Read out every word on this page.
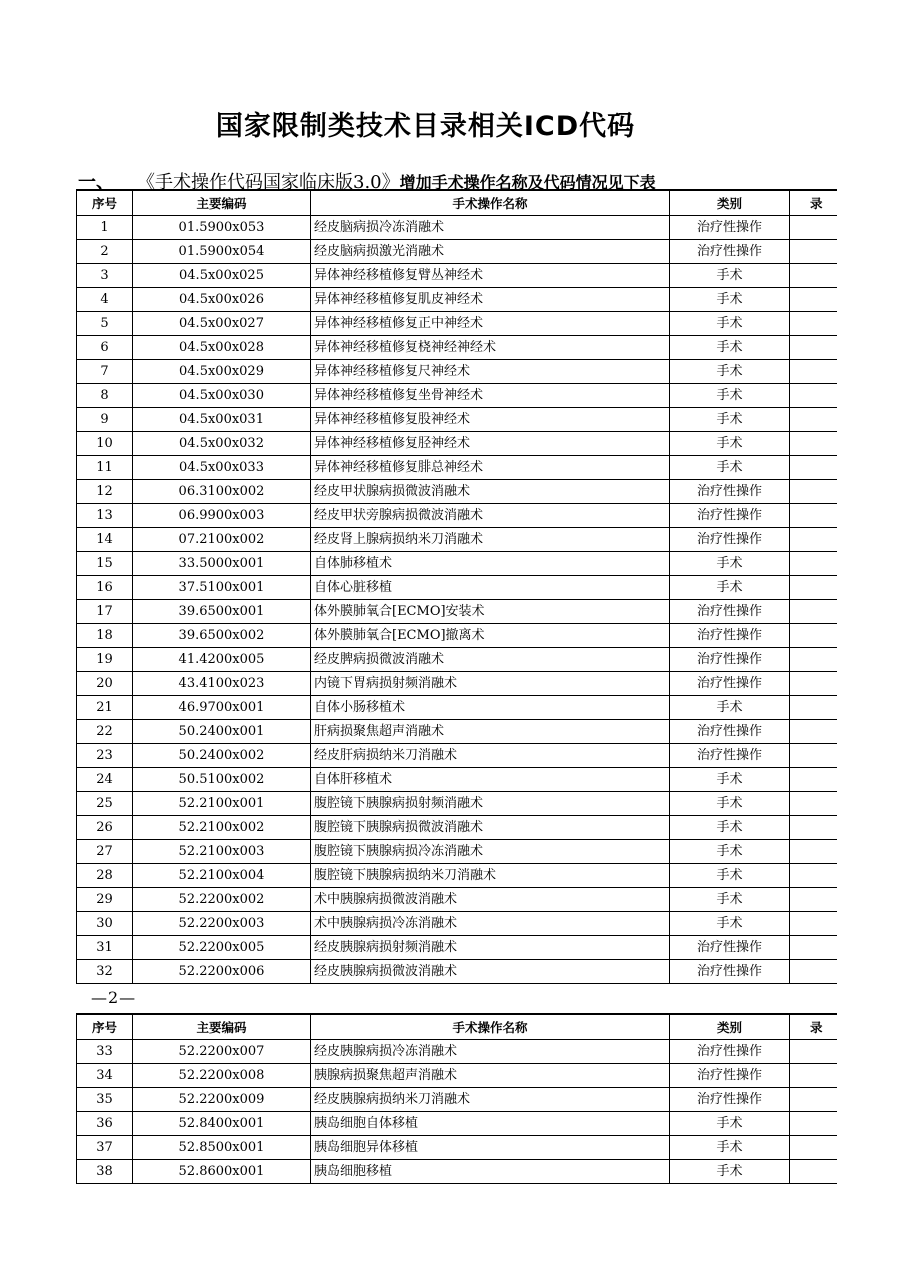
国家限制类技术目录相关ICD代码
一、 《手术操作代码国家临床版3.0》增加手术操作名称及代码情况见下表
序号	主要编码	手术操作名称	类别	录
1	01.5900x053	经皮脑病损冷冻消融术	治疗性操作	
2	01.5900x054	经皮脑病损激光消融术	治疗性操作	
3	04.5x00x025	异体神经移植修复臂丛神经术	手术	
4	04.5x00x026	异体神经移植修复肌皮神经术	手术	
5	04.5x00x027	异体神经移植修复正中神经术	手术	
6	04.5x00x028	异体神经移植修复桡神经神经术	手术	
7	04.5x00x029	异体神经移植修复尺神经术	手术	
8	04.5x00x030	异体神经移植修复坐骨神经术	手术	
9	04.5x00x031	异体神经移植修复股神经术	手术	
10	04.5x00x032	异体神经移植修复胫神经术	手术	
11	04.5x00x033	异体神经移植修复腓总神经术	手术	
12	06.3100x002	经皮甲状腺病损微波消融术	治疗性操作	
13	06.9900x003	经皮甲状旁腺病损微波消融术	治疗性操作	
14	07.2100x002	经皮肾上腺病损纳米刀消融术	治疗性操作	
15	33.5000x001	自体肺移植术	手术	
16	37.5100x001	自体心脏移植	手术	
17	39.6500x001	体外膜肺氧合[ECMO]安装术	治疗性操作	
18	39.6500x002	体外膜肺氧合[ECMO]撤离术	治疗性操作	
19	41.4200x005	经皮脾病损微波消融术	治疗性操作	
20	43.4100x023	内镜下胃病损射频消融术	治疗性操作	
21	46.9700x001	自体小肠移植术	手术	
22	50.2400x001	肝病损聚焦超声消融术	治疗性操作	
23	50.2400x002	经皮肝病损纳米刀消融术	治疗性操作	
24	50.5100x002	自体肝移植术	手术	
25	52.2100x001	腹腔镜下胰腺病损射频消融术	手术	
26	52.2100x002	腹腔镜下胰腺病损微波消融术	手术	
27	52.2100x003	腹腔镜下胰腺病损冷冻消融术	手术	
28	52.2100x004	腹腔镜下胰腺病损纳米刀消融术	手术	
29	52.2200x002	术中胰腺病损微波消融术	手术	
30	52.2200x003	术中胰腺病损冷冻消融术	手术	
31	52.2200x005	经皮胰腺病损射频消融术	治疗性操作	
32	52.2200x006	经皮胰腺病损微波消融术	治疗性操作	
—2—
序号	主要编码	手术操作名称	类别	录
33	52.2200x007	经皮胰腺病损冷冻消融术	治疗性操作	
34	52.2200x008	胰腺病损聚焦超声消融术	治疗性操作	
35	52.2200x009	经皮胰腺病损纳米刀消融术	治疗性操作	
36	52.8400x001	胰岛细胞自体移植	手术	
37	52.8500x001	胰岛细胞异体移植	手术	
38	52.8600x001	胰岛细胞移植	手术	
